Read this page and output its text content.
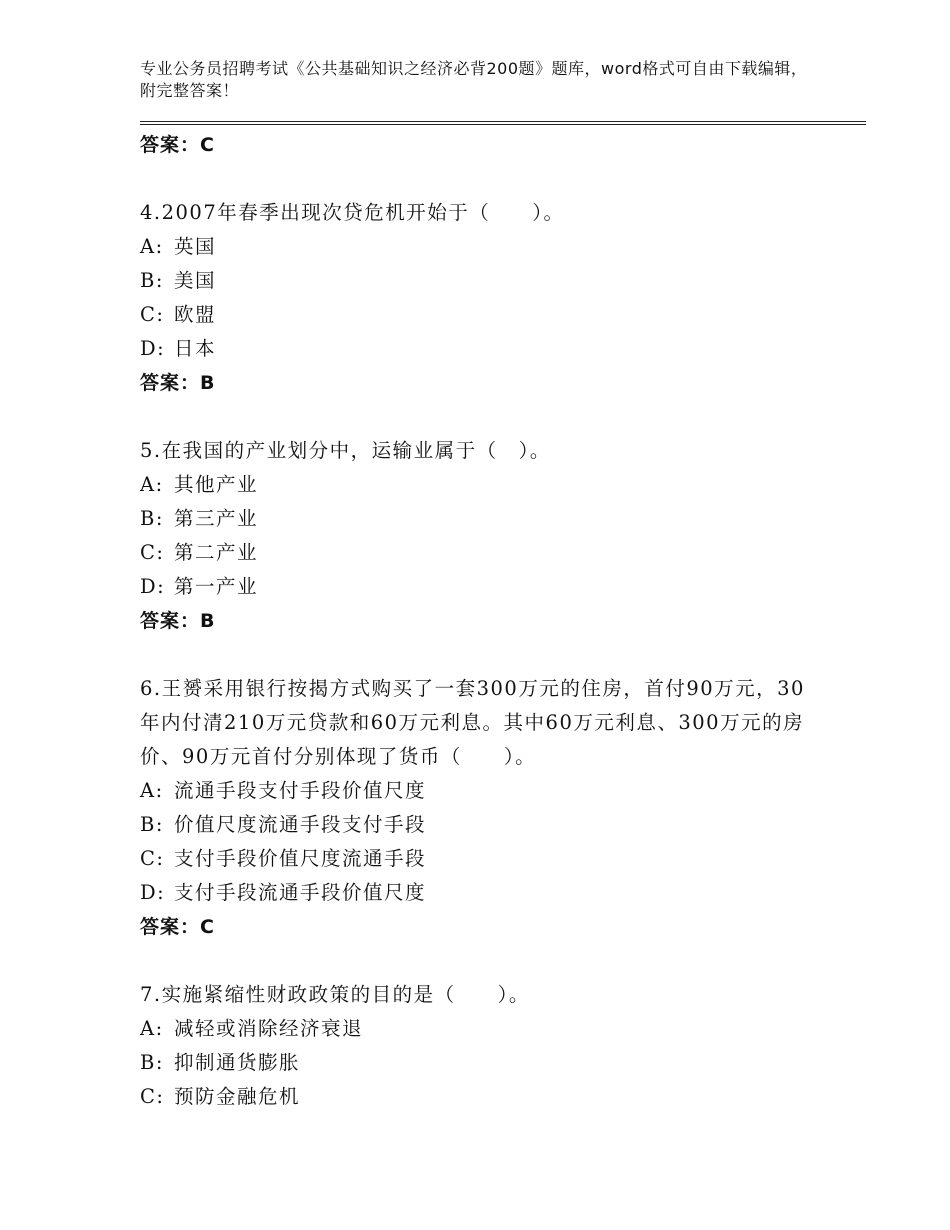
专业公务员招聘考试《公共基础知识之经济必背200题》题库，word格式可自由下载编辑，附完整答案！
答案：C
4.2007年春季出现次贷危机开始于（　　）。
A: 英国
B: 美国
C: 欧盟
D: 日本
答案：B
5.在我国的产业划分中，运输业属于（　）。
A: 其他产业
B: 第三产业
C: 第二产业
D: 第一产业
答案：B
6.王赟采用银行按揭方式购买了一套300万元的住房，首付90万元，30年内付清210万元贷款和60万元利息。其中60万元利息、300万元的房价、90万元首付分别体现了货币（　　）。
A: 流通手段支付手段价值尺度
B: 价值尺度流通手段支付手段
C: 支付手段价值尺度流通手段
D: 支付手段流通手段价值尺度
答案：C
7.实施紧缩性财政政策的目的是（　　）。
A: 减轻或消除经济衰退
B: 抑制通货膨胀
C: 预防金融危机
